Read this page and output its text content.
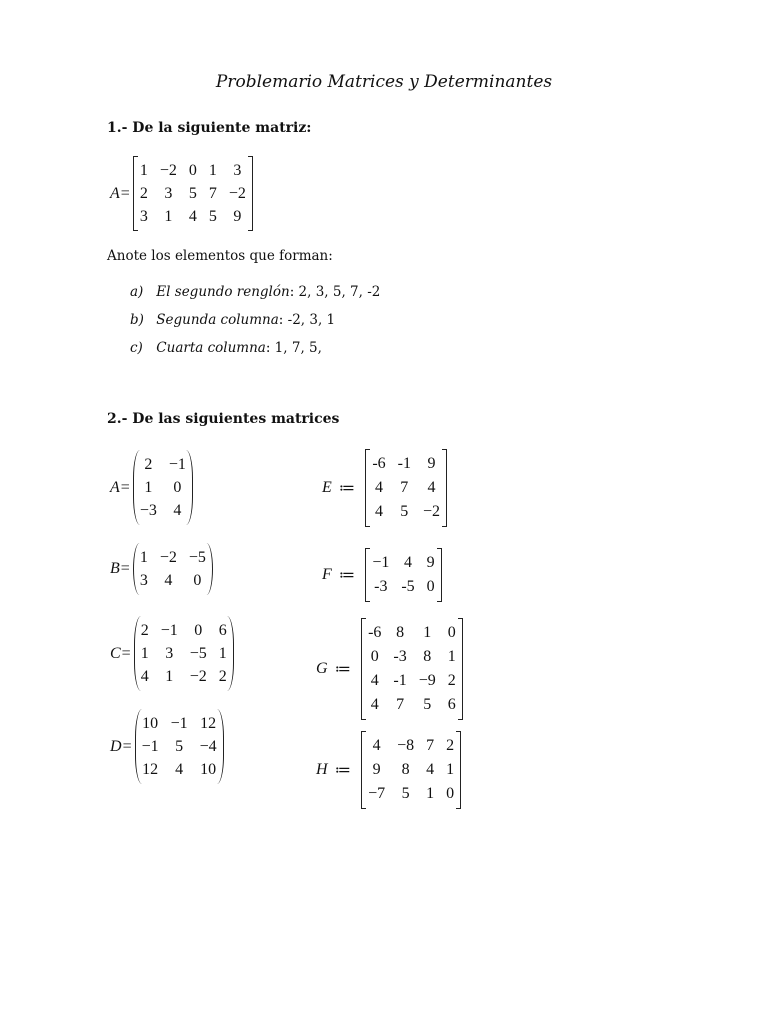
Problemario Matrices y Determinantes
1.- De la siguiente matriz:
A =
1 −2 0 1 3
2 3 5 7 −2
3 1 4 5 9
Anote los elementos que forman:
a) El segundo renglón: 2, 3, 5, 7, -2
b) Segunda columna: -2, 3, 1
c) Cuarta columna: 1, 7, 5,
2.- De las siguientes matrices
A =
2 −1
1 0
−3 4
B =
1 −2 −5
3 4 0
C =
2 −1 0 6
1 3 −5 1
4 1 −2 2
D =
10 −1 12
−1 5 −4
12 4 10
E ≔
-6 -1 9
4 7 4
4 5 −2
F ≔
−1 4 9
-3 -5 0
G ≔
-6 8 1 0
0 -3 8 1
4 -1 −9 2
4 7 5 6
H ≔
4 −8 7 2
9 8 4 1
−7 5 1 0
